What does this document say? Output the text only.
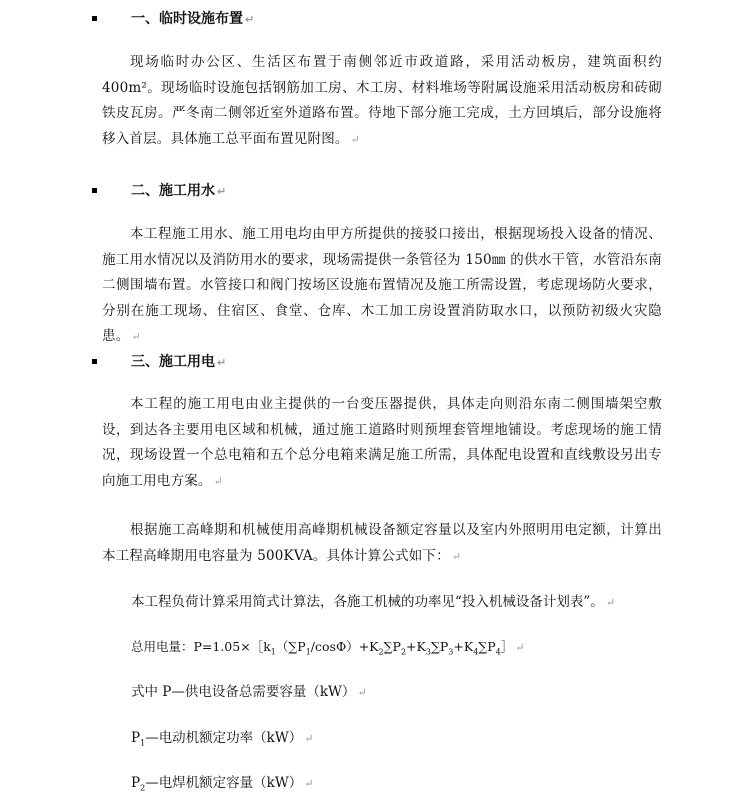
一、临时设施布置 ↵
现场临时办公区、生活区布置于南侧邻近市政道路，采用活动板房，建筑面积约 400m²。现场临时设施包括钢筋加工房、木工房、材料堆场等附属设施采用活动板房和砖砌铁皮瓦房。严冬南二侧邻近室外道路布置。待地下部分施工完成，土方回填后，部分设施将移入首层。具体施工总平面布置见附图。 ↵
二、施工用水 ↵
本工程施工用水、施工用电均由甲方所提供的接驳口接出，根据现场投入设备的情况、施工用水情况以及消防用水的要求，现场需提供一条管径为 150㎜ 的供水干管，水管沿东南二侧围墙布置。水管接口和阀门按场区设施布置情况及施工所需设置，考虑现场防火要求，分别在施工现场、住宿区、食堂、仓库、木工加工房设置消防取水口，以预防初级火灾隐患。 ↵
三、施工用电 ↵
本工程的施工用电由业主提供的一台变压器提供，具体走向则沿东南二侧围墙架空敷设，到达各主要用电区域和机械，通过施工道路时则预埋套管埋地铺设。考虑现场的施工情况，现场设置一个总电箱和五个总分电箱来满足施工所需，具体配电设置和直线敷设另出专向施工用电方案。 ↵
根据施工高峰期和机械使用高峰期机械设备额定容量以及室内外照明用电定额，计算出本工程高峰期用电容量为 500KVA。具体计算公式如下： ↵
本工程负荷计算采用简式计算法，各施工机械的功率见“投入机械设备计划表”。 ↵
总用电量：$P=1.05\times[k_1(\sum P_1/\cos\Phi)+K_2\sum P_2+K_3\sum P_3+K_4\sum P_4]$ ↵
式中 P—供电设备总需要容量（kW） ↵
$P_1—$电动机额定功率（kW） ↵
$P_2—$电焊机额定容量（kW） ↵
